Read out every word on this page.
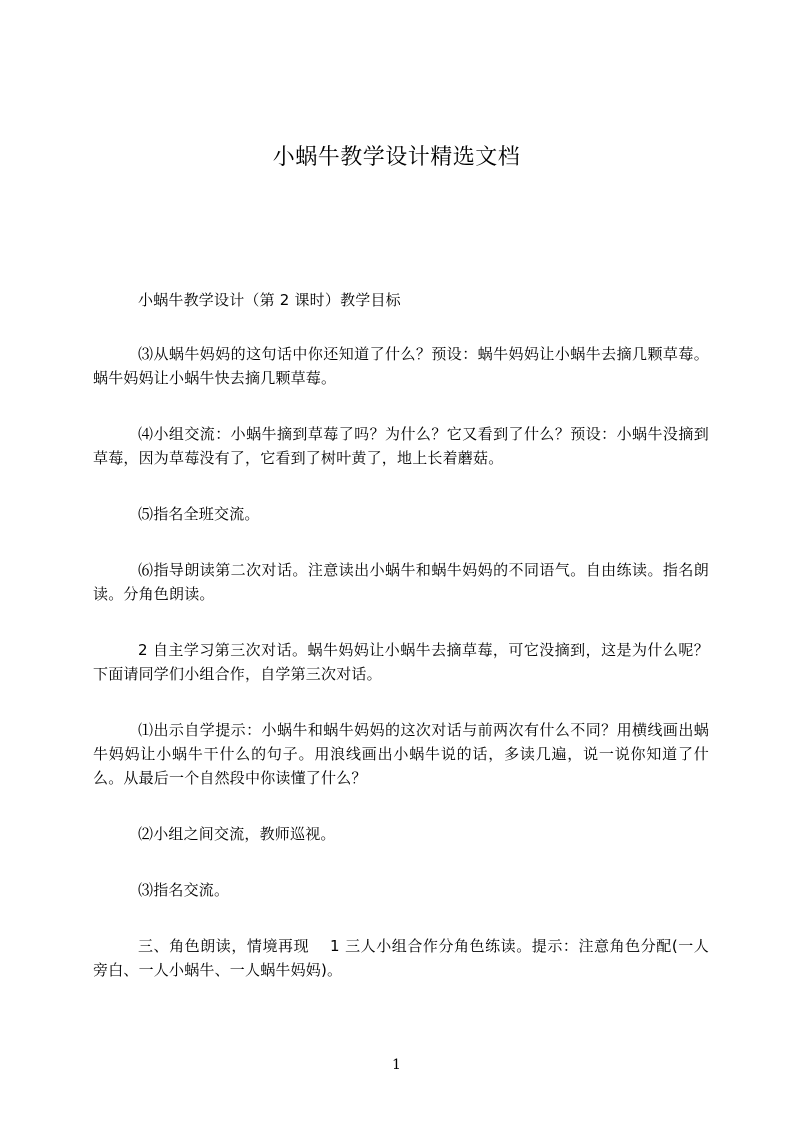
小蜗牛教学设计精选文档

小蜗牛教学设计（第 2 课时）教学目标

⑶从蜗牛妈妈的这句话中你还知道了什么？预设：蜗牛妈妈让小蜗牛去摘几颗草莓。蜗牛妈妈让小蜗牛快去摘几颗草莓。

⑷小组交流：小蜗牛摘到草莓了吗？为什么？它又看到了什么？预设：小蜗牛没摘到草莓，因为草莓没有了，它看到了树叶黄了，地上长着蘑菇。

⑸指名全班交流。

⑹指导朗读第二次对话。注意读出小蜗牛和蜗牛妈妈的不同语气。自由练读。指名朗读。分角色朗读。

2 自主学习第三次对话。蜗牛妈妈让小蜗牛去摘草莓，可它没摘到，这是为什么呢？下面请同学们小组合作，自学第三次对话。

⑴出示自学提示：小蜗牛和蜗牛妈妈的这次对话与前两次有什么不同？用横线画出蜗牛妈妈让小蜗牛干什么的句子。用浪线画出小蜗牛说的话，多读几遍，说一说你知道了什么。从最后一个自然段中你读懂了什么？

⑵小组之间交流，教师巡视。

⑶指名交流。

三、角色朗读，情境再现　 1 三人小组合作分角色练读。提示：注意角色分配(一人旁白、一人小蜗牛、一人蜗牛妈妈)。

1
